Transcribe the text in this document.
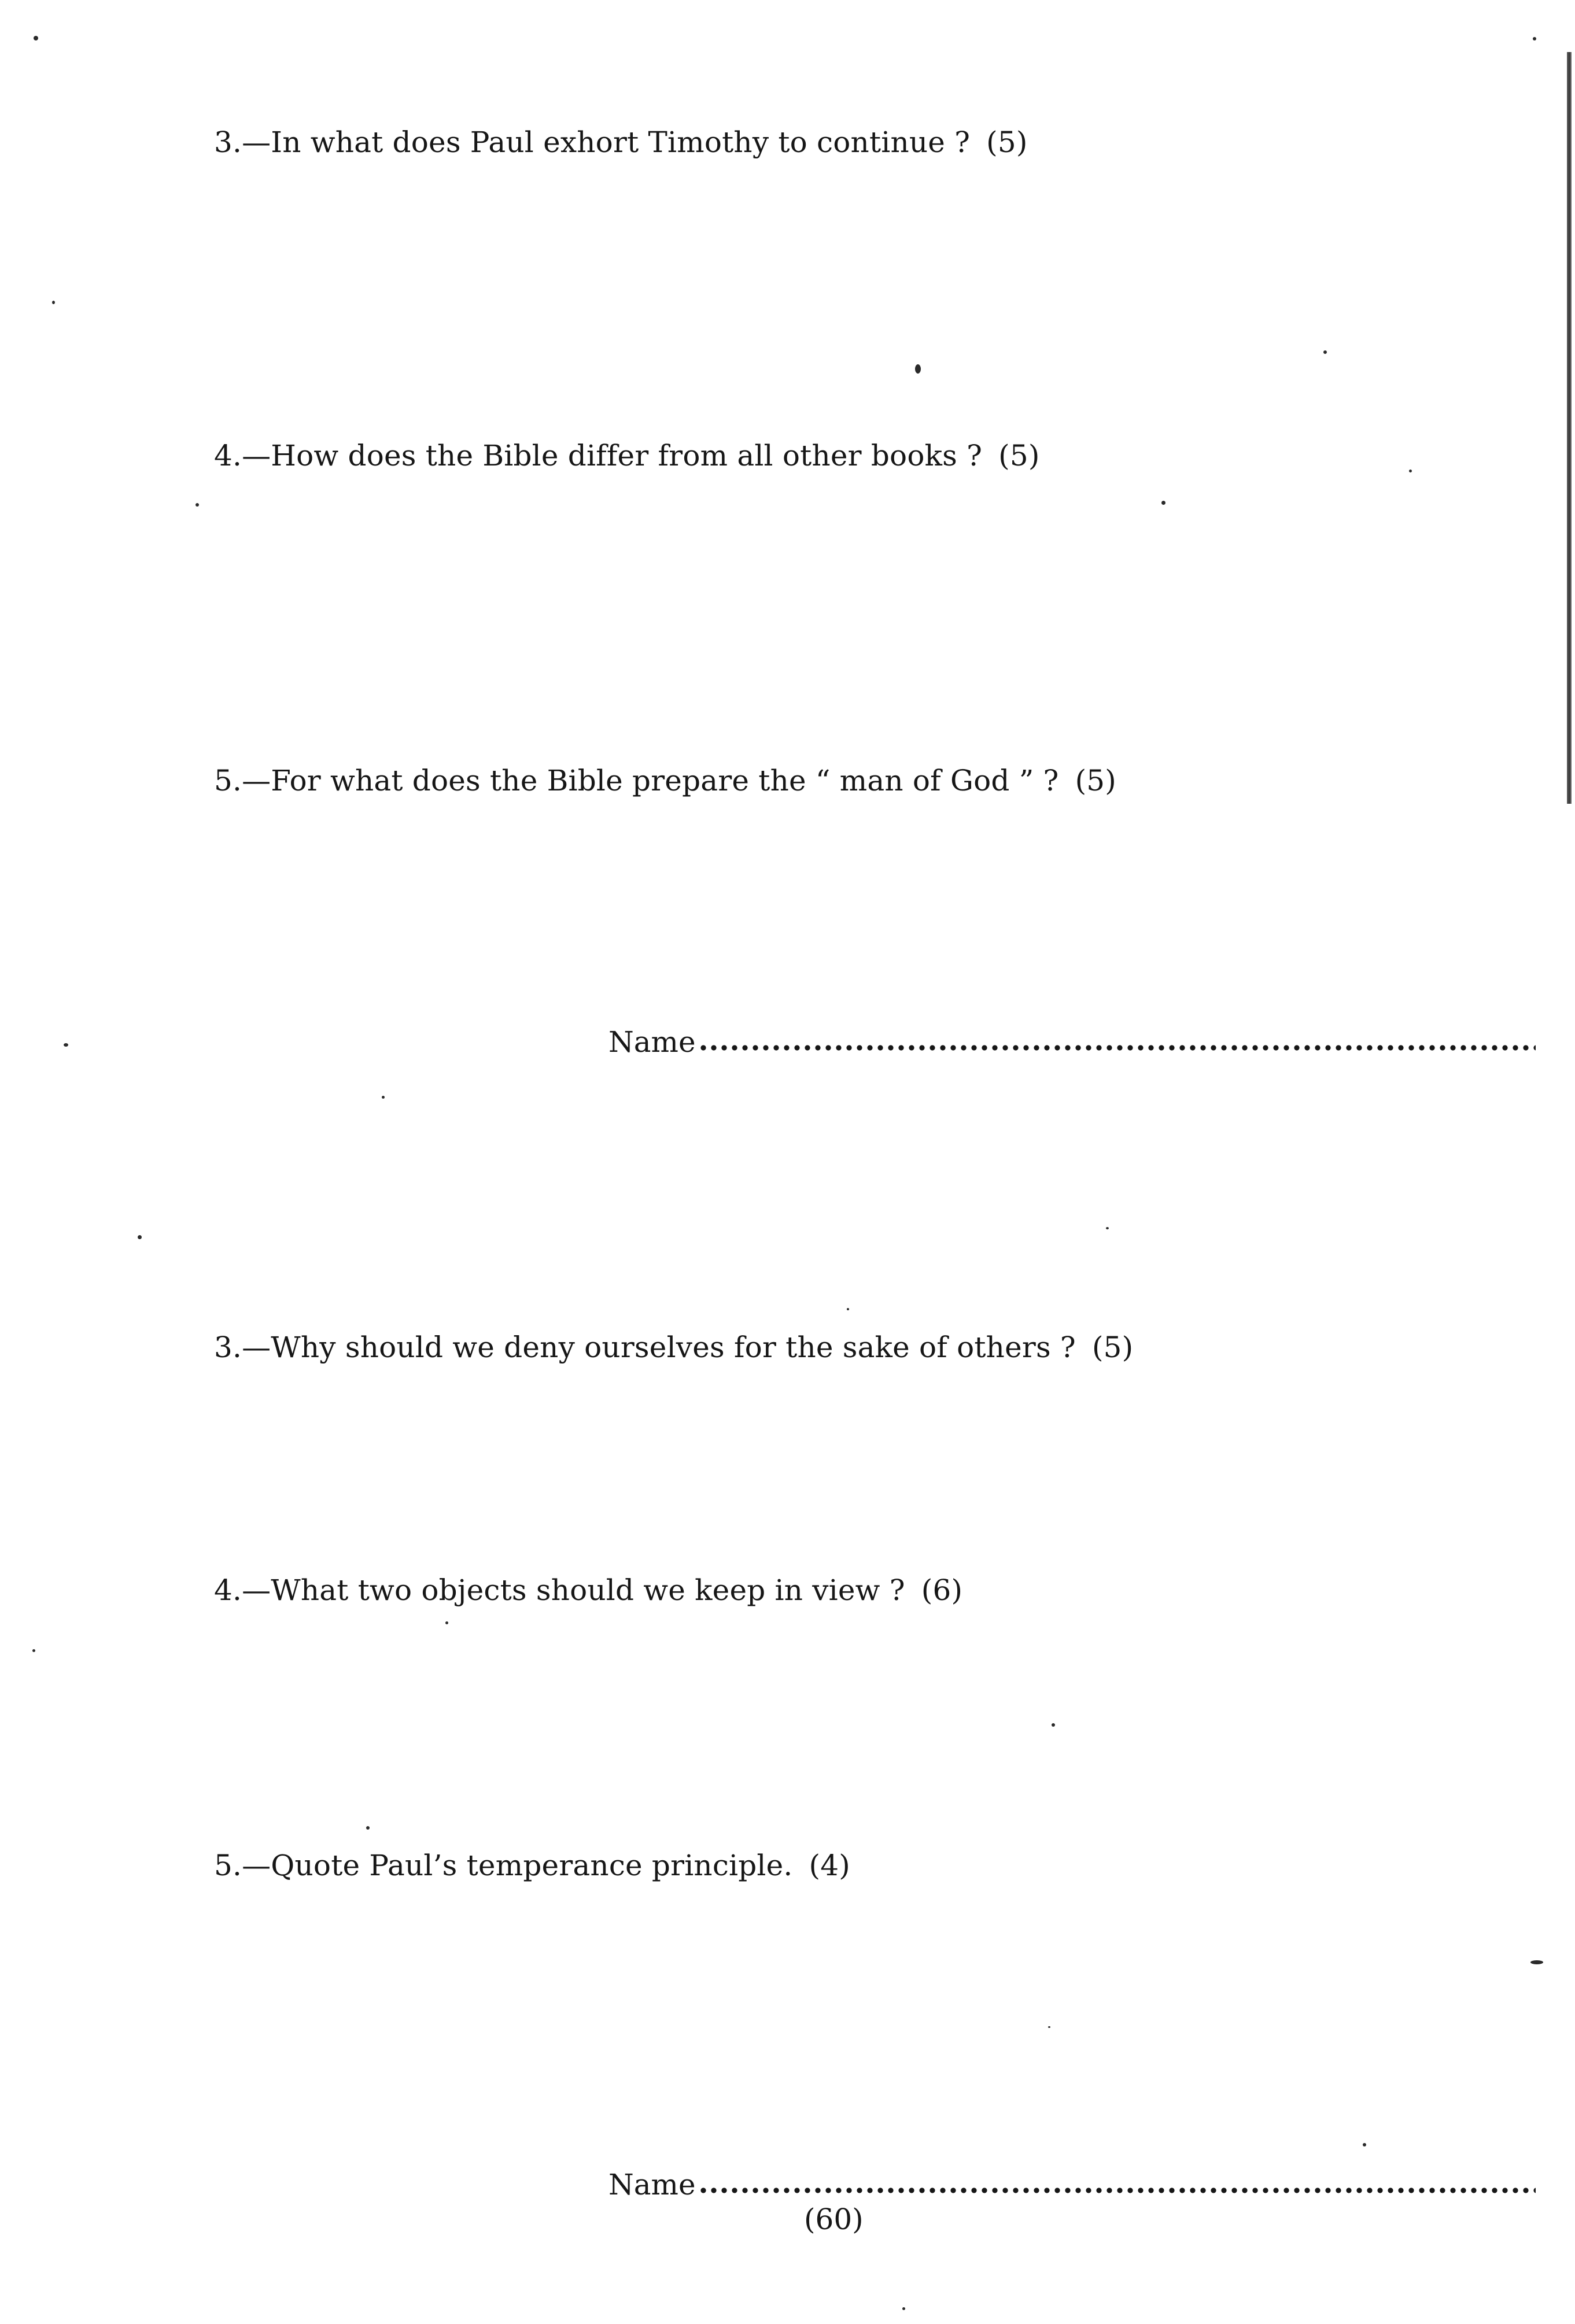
3.—In what does Paul exhort Timothy to continue ? (5)
4.—How does the Bible differ from all other books ? (5)
5.—For what does the Bible prepare the “ man of God ” ? (5)
Name
3.—Why should we deny ourselves for the sake of others ? (5)
4.—What two objects should we keep in view ? (6)
5.—Quote Paul’s temperance principle. (4)
Name
(60)
